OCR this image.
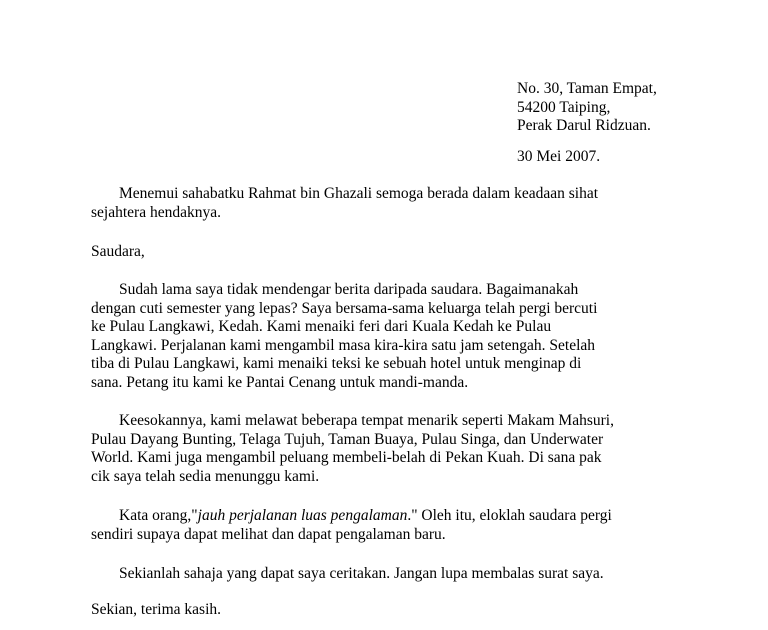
No. 30, Taman Empat,
54200 Taiping,
Perak Darul Ridzuan.
30 Mei 2007.
Menemui sahabatku Rahmat bin Ghazali semoga berada dalam keadaan sihat
sejahtera hendaknya.
Saudara,
Sudah lama saya tidak mendengar berita daripada saudara. Bagaimanakah
dengan cuti semester yang lepas? Saya bersama-sama keluarga telah pergi bercuti
ke Pulau Langkawi, Kedah. Kami menaiki feri dari Kuala Kedah ke Pulau
Langkawi. Perjalanan kami mengambil masa kira-kira satu jam setengah. Setelah
tiba di Pulau Langkawi, kami menaiki teksi ke sebuah hotel untuk menginap di
sana. Petang itu kami ke Pantai Cenang untuk mandi-manda.
Keesokannya, kami melawat beberapa tempat menarik seperti Makam Mahsuri,
Pulau Dayang Bunting, Telaga Tujuh, Taman Buaya, Pulau Singa, dan Underwater
World. Kami juga mengambil peluang membeli-belah di Pekan Kuah. Di sana pak
cik saya telah sedia menunggu kami.
Kata orang,"jauh perjalanan luas pengalaman." Oleh itu, eloklah saudara pergi
sendiri supaya dapat melihat dan dapat pengalaman baru.
Sekianlah sahaja yang dapat saya ceritakan. Jangan lupa membalas surat saya.
Sekian, terima kasih.
